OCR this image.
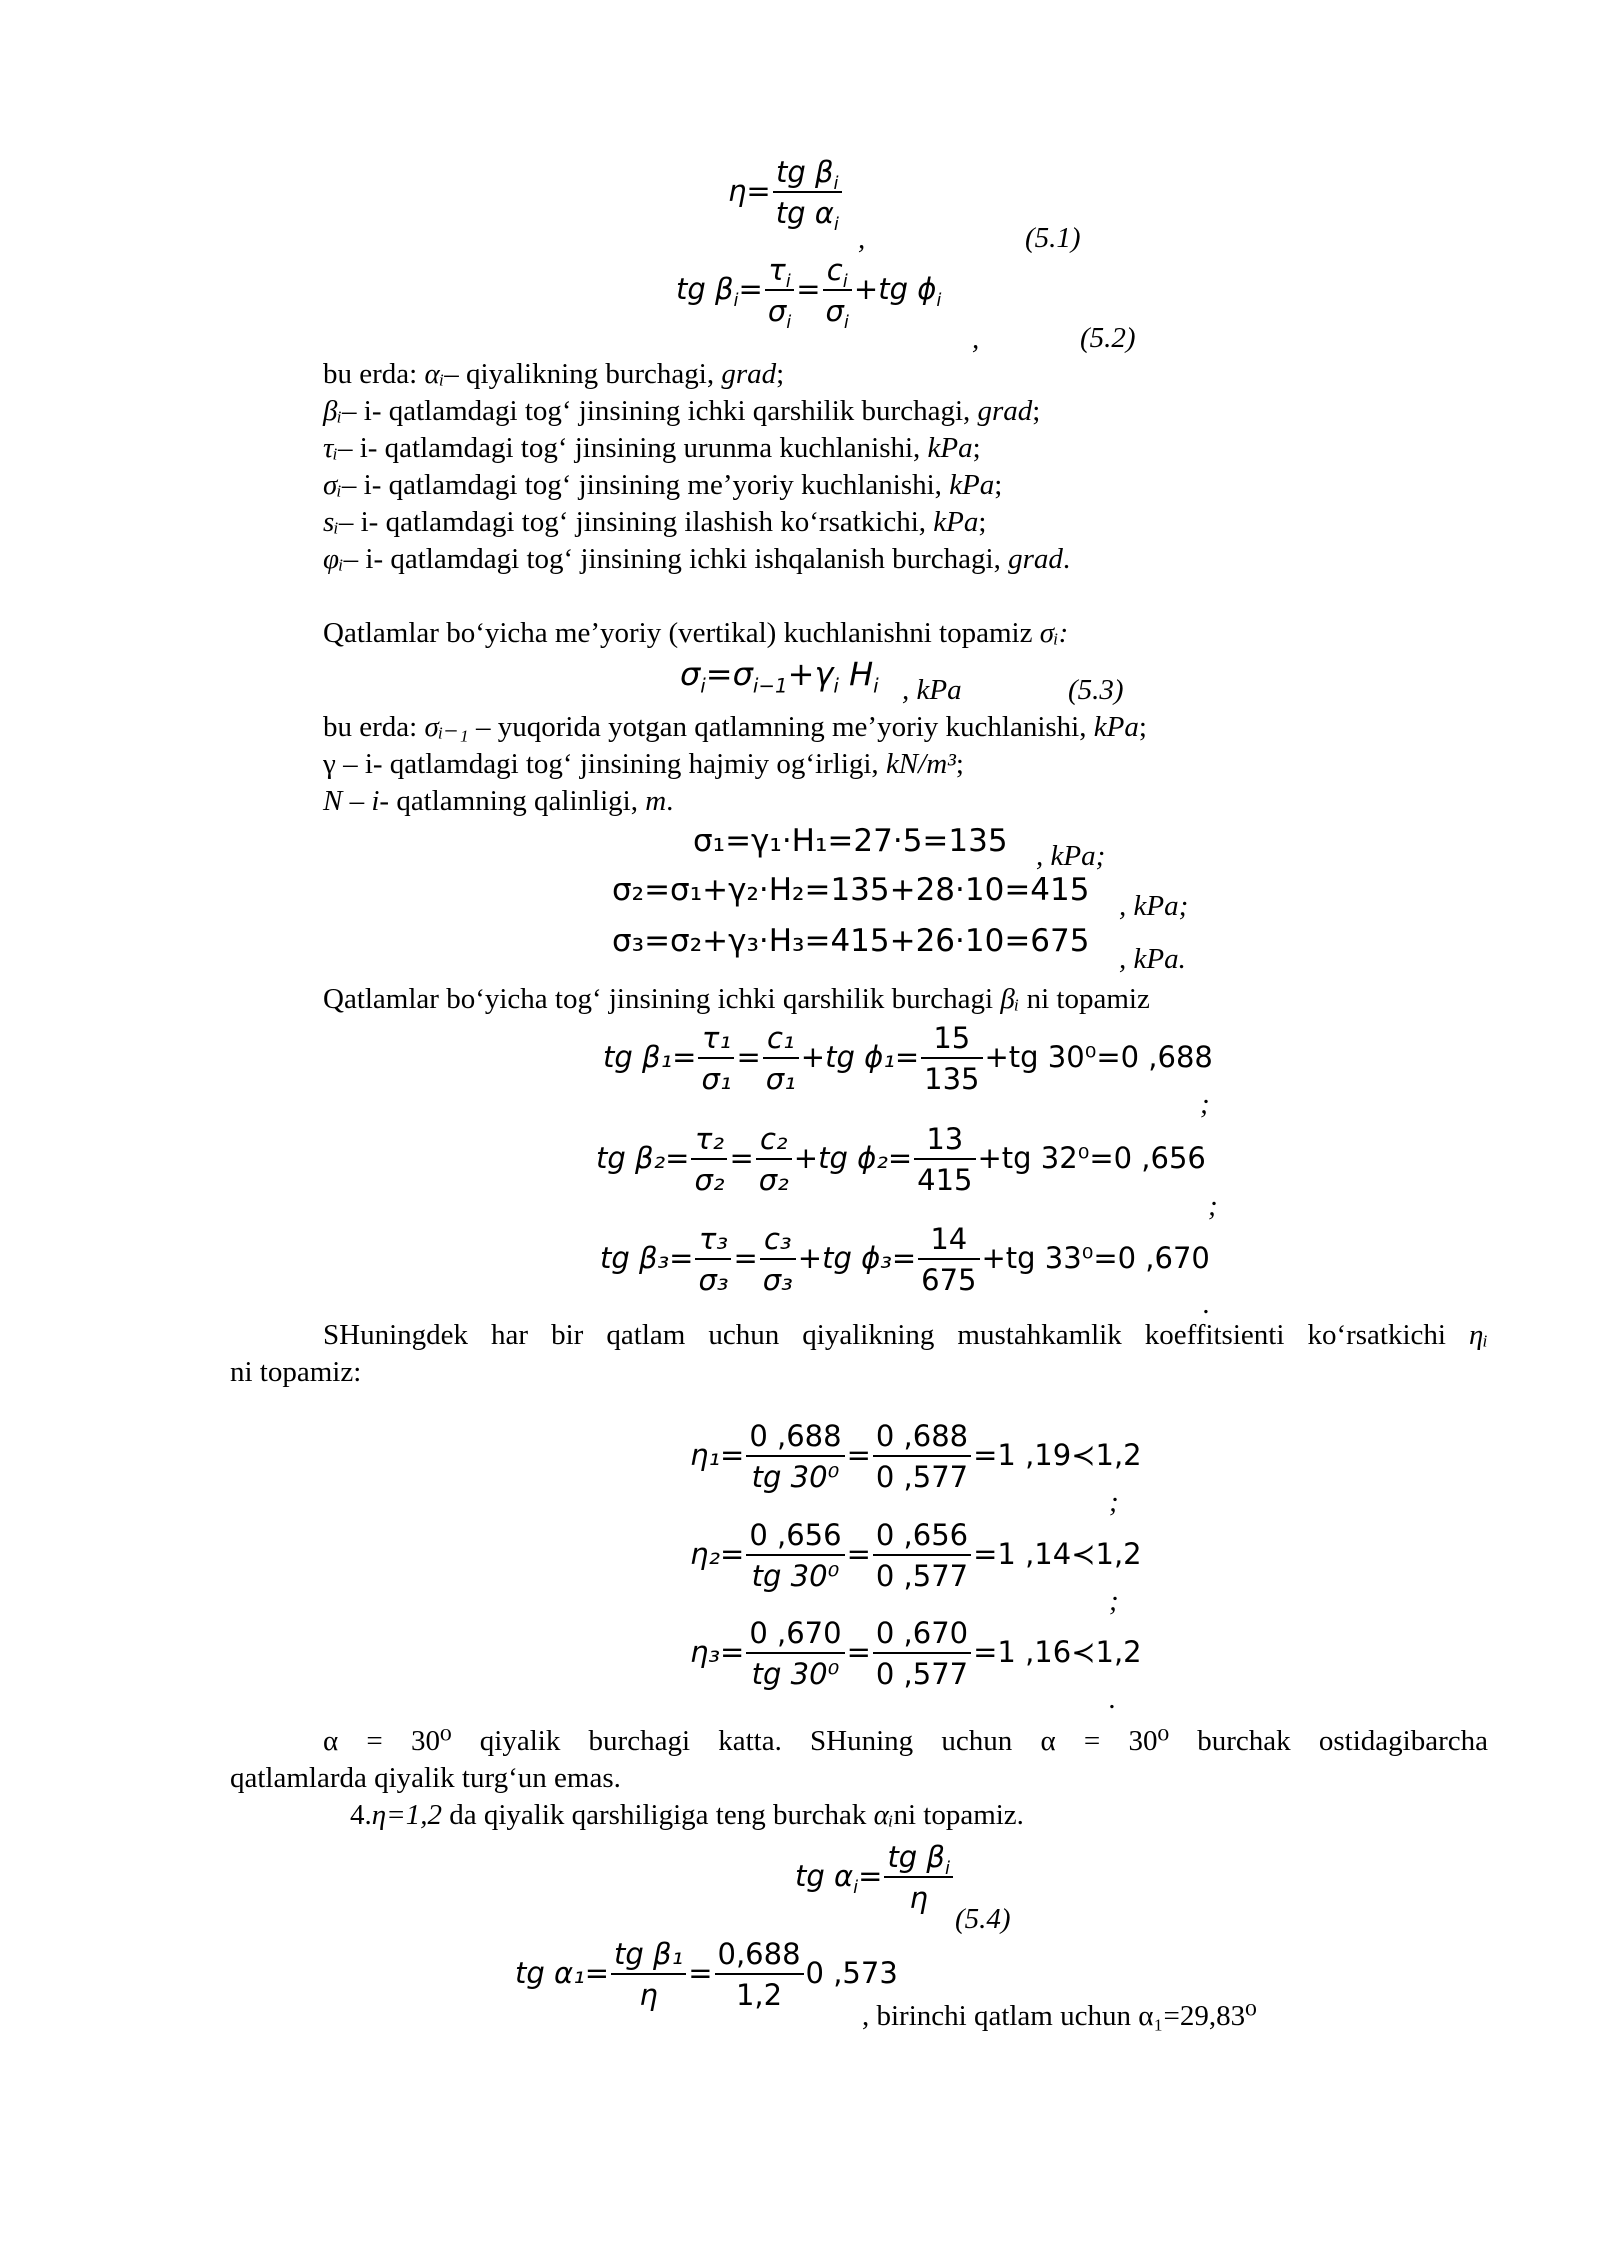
$\eta= \frac{tg \beta_i}{tg \alpha_i}$
,	(5.1)
tg $\beta_i= \frac{\tau_i}{\sigma_i} = \frac{c_i}{\sigma_i} +tg$ $\phi_i$
,	(5.2)
bu erda: αᵢ– qiyalikning burchagi, grad;
βᵢ– i- qatlamdagi tog‘ jinsining ichki qarshilik burchagi, grad;
τᵢ– i- qatlamdagi tog‘ jinsining urunma kuchlanishi, kPa;
σᵢ– i- qatlamdagi tog‘ jinsining me’yoriy kuchlanishi, kPa;
sᵢ– i- qatlamdagi tog‘ jinsining ilashish ko‘rsatkichi, kPa;
φᵢ– i- qatlamdagi tog‘ jinsining ichki ishqalanish burchagi, grad.
Qatlamlar bo‘yicha me’yoriy (vertikal) kuchlanishni topamiz σᵢ:
$\sigma_i=\sigma_{i-1}+\gamma_i$ $H_i$ , kPa	(5.3)
bu erda: σᵢ₋₁ – yuqorida yotgan qatlamning me’yoriy kuchlanishi, kPa;
γ – i- qatlamdagi tog‘ jinsining hajmiy og‘irligi, kN/m³;
N – i- qatlamning qalinligi, m.
σ₁=γ₁·H₁=27·5=135 , kPa;
σ₂=σ₁+γ₂·H₂=135+28·10=415 , kPa;
σ₃=σ₂+γ₃·H₃=415+26·10=675 , kPa.
Qatlamlar bo‘yicha tog‘ jinsining ichki qarshilik burchagi βᵢ ni topamiz
tg $\beta_1= \frac{\text{τ₁}}{\text{σ₁}} = \frac{\text{c₁}}{\text{σ₁}} +tg$ $\phi_1= \frac{15}{135} +tg$ 30⁰=0 ,688
;
tg $\beta_2= \frac{\text{τ₂}}{\text{σ₂}} = \frac{\text{c₂}}{\text{σ₂}} +tg$ $\phi_2= \frac{13}{415} +tg$ 32⁰=0 ,656
;
tg $\beta_3= \frac{\text{τ₃}}{\text{σ₃}} = \frac{\text{c₃}}{\text{σ₃}} +tg$ $\phi_3= \frac{14}{675} +tg$ 33⁰=0 ,670
.
SHuningdek har bir qatlam uchun qiyalikning mustahkamlik koeffitsienti ko‘rsatkichi ηᵢ
ni topamiz:
$\eta_1= \frac{0 ,688}{\text{tg 30⁰}} = \frac{0 ,688}{0 ,577} =1$ ,19≺1,2
;
$\eta_2= \frac{0 ,656}{\text{tg 30⁰}} = \frac{0 ,656}{0 ,577} =1$ ,14≺1,2
;
$\eta_3= \frac{0 ,670}{\text{tg 30⁰}} = \frac{0 ,670}{0 ,577} =1$ ,16≺1,2
.
α = 30⁰ qiyalik burchagi katta. SHuning uchun α = 30⁰ burchak ostidagibarcha
qatlamlarda qiyalik turg‘un emas.
4.η=1,2 da qiyalik qarshiligiga teng burchak αᵢni topamiz.
tg $\alpha_i= \frac{tg \beta_i}{\eta}$
(5.4)
tg $\alpha_1= \frac{\text{tg β₁}}{\eta} = \frac{0,688}{1,2} 0$ ,573
, birinchi qatlam uchun α₁=29,83⁰
